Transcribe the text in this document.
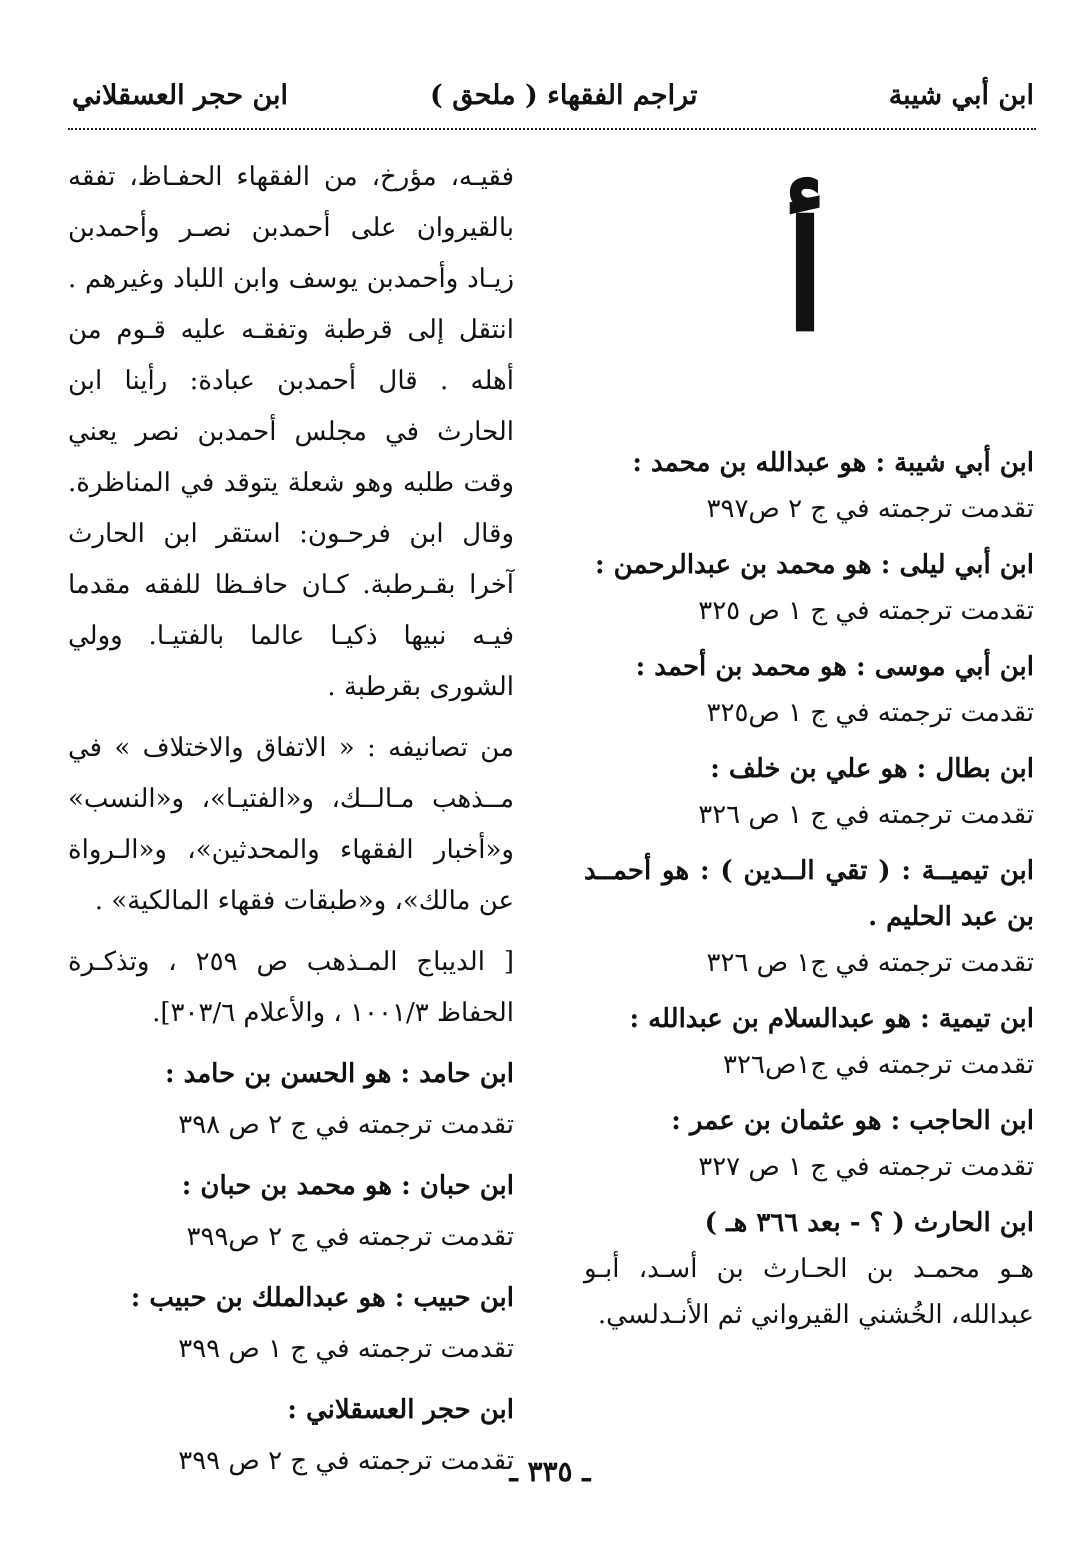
ابن أبي شيبة
( ملحق ) تراجم الفقهاء
ابن حجر العسقلاني
أ

ابن أبي شيبة : هو عبدالله بن محمد :

تقدمت ترجمته في ج ٢ ص٣٩٧

ابن أبي ليلى : هو محمد بن عبدالرحمن :

تقدمت ترجمته في ج ١ ص ٣٢٥

ابن أبي موسى : هو محمد بن أحمد :

تقدمت ترجمته في ج ١ ص٣٢٥

ابن بطال : هو علي بن خلف :

تقدمت ترجمته في ج ١ ص ٣٢٦

ابن تيميــة : ( تقي الــدين ) : هو أحمــد بن عبد الحليم .

تقدمت ترجمته في ج١ ص ٣٢٦

ابن تيمية : هو عبدالسلام بن عبدالله :

تقدمت ترجمته في ج١ص٣٢٦

ابن الحاجب : هو عثمان بن عمر :

تقدمت ترجمته في ج ١ ص ٣٢٧

ابن الحارث ( ؟ - بعد ٣٦٦ هـ )

هـو محمـد بن الحـارث بن أسـد، أبـو عبدالله، الخُشني القيرواني ثم الأنـدلسي.

فقيـه، مؤرخ، من الفقهاء الحفـاظ، تفقه بالقيروان على أحمدبن نصـر وأحمدبن زيـاد وأحمدبن يوسف وابن اللباد وغيرهم . انتقل إلى قرطبة وتفقـه عليه قـوم من أهله . قال أحمدبن عبادة: رأينا ابن الحارث في مجلس أحمدبن نصر يعني وقت طلبه وهو شعلة يتوقد في المناظرة. وقال ابن فرحـون: استقر ابن الحارث آخرا بقـرطبة. كـان حافـظا للفقه مقدما فيـه نبيها ذكيـا عالما بالفتيـا. وولي الشورى بقرطبة .

من تصانيفه : « الاتفاق والاختلاف » في مــذهب مـالــك، و«الفتيـا»، و«النسب» و«أخبار الفقهاء والمحدثين»، و«الـرواة عن مالك»، و«طبقات فقهاء المالكية» .

[ الديباج المـذهب ص ٢٥٩ ، وتذكـرة الحفاظ ١٠٠١/٣ ، والأعلام ٣٠٣/٦].

ابن حامد : هو الحسن بن حامد :

تقدمت ترجمته في ج ٢ ص ٣٩٨

ابن حبان : هو محمد بن حبان :

تقدمت ترجمته في ج ٢ ص٣٩٩

ابن حبيب : هو عبدالملك بن حبيب :

تقدمت ترجمته في ج ١ ص ٣٩٩

ابن حجر العسقلاني :

تقدمت ترجمته في ج ٢ ص ٣٩٩

ـ ٣٣٥ ـ
